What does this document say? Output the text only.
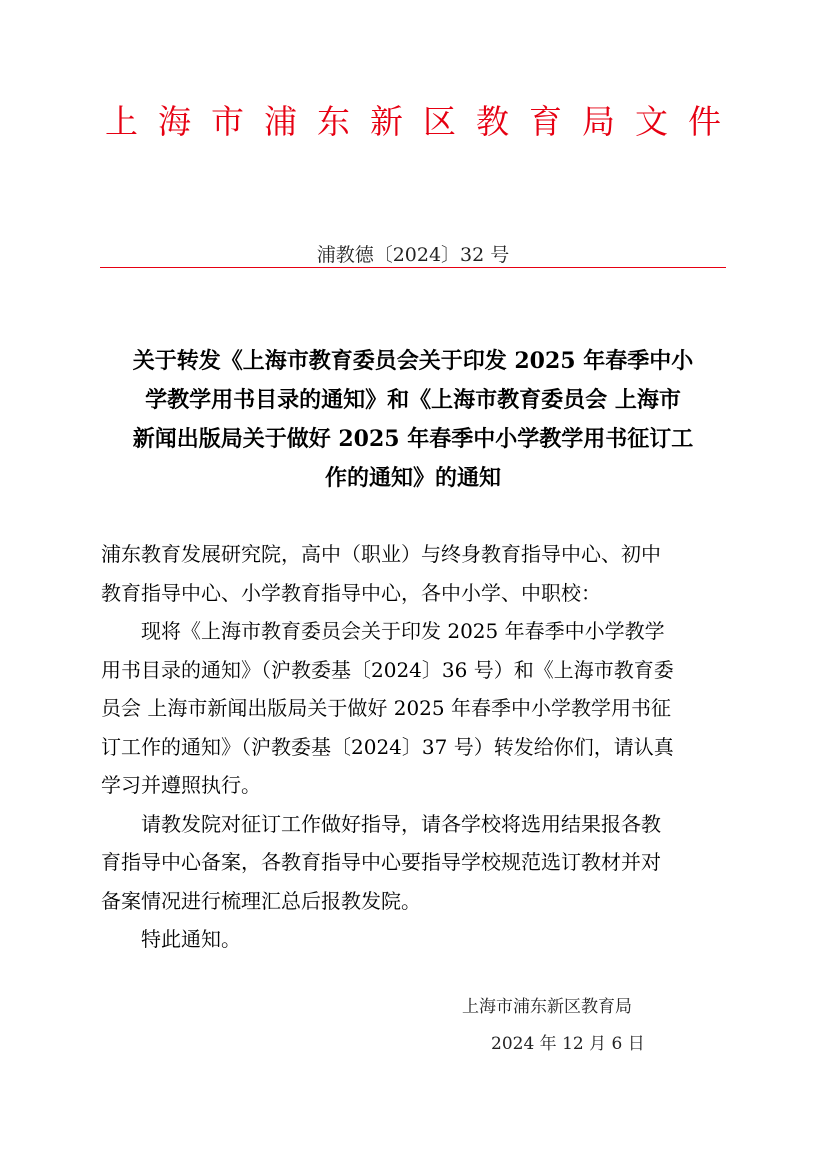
上海市浦东新区教育局文件
浦教德〔2024〕32 号
关于转发《上海市教育委员会关于印发 2025 年春季中小
学教学用书目录的通知》和《上海市教育委员会 上海市
新闻出版局关于做好 2025 年春季中小学教学用书征订工
作的通知》的通知

浦东教育发展研究院，高中（职业）与终身教育指导中心、初中
教育指导中心、小学教育指导中心，各中小学、中职校：

现将《上海市教育委员会关于印发 2025 年春季中小学教学
用书目录的通知》（沪教委基〔2024〕36 号）和《上海市教育委
员会 上海市新闻出版局关于做好 2025 年春季中小学教学用书征
订工作的通知》（沪教委基〔2024〕37 号）转发给你们，请认真
学习并遵照执行。

请教发院对征订工作做好指导，请各学校将选用结果报各教
育指导中心备案，各教育指导中心要指导学校规范选订教材并对
备案情况进行梳理汇总后报教发院。

特此通知。

上海市浦东新区教育局
2024 年 12 月 6 日
